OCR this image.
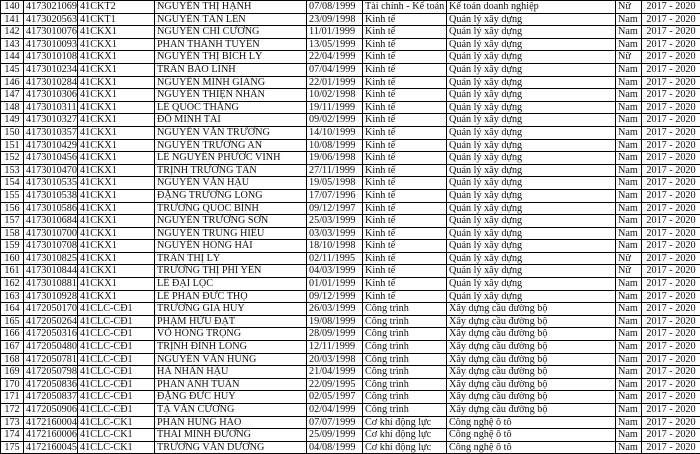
140	4173021069	41CKT2	NGUYỄN THỊ HẠNH	07/08/1999	Tài chính - Kế toán	Kế toán doanh nghiệp	Nữ	2017 - 2020
141	4173020563	41CKT1	NGUYỄN TẤN LÊN	23/09/1998	Kinh tế	Quản lý xây dựng	Nam	2017 - 2020
142	4173010076	41CKX1	NGUYỄN CHÍ CƯỜNG	11/01/1999	Kinh tế	Quản lý xây dựng	Nam	2017 - 2020
143	4173010093	41CKX1	PHAN THÀNH TUYÊN	13/05/1999	Kinh tế	Quản lý xây dựng	Nam	2017 - 2020
144	4173010108	41CKX1	NGUYỄN THỊ BÍCH LÝ	22/04/1999	Kinh tế	Quản lý xây dựng	Nữ	2017 - 2020
145	4173010234	41CKX1	TRẦN BẢO LINH	07/04/1999	Kinh tế	Quản lý xây dựng	Nam	2017 - 2020
146	4173010284	41CKX1	NGUYỄN MINH GIANG	22/01/1999	Kinh tế	Quản lý xây dựng	Nam	2017 - 2020
147	4173010306	41CKX1	NGUYỄN THIỆN NHÂN	10/02/1998	Kinh tế	Quản lý xây dựng	Nam	2017 - 2020
148	4173010311	41CKX1	LÊ QUỐC THẮNG	19/11/1999	Kinh tế	Quản lý xây dựng	Nam	2017 - 2020
149	4173010327	41CKX1	ĐỖ MINH TÀI	09/02/1999	Kinh tế	Quản lý xây dựng	Nam	2017 - 2020
150	4173010357	41CKX1	NGUYỄN VĂN TRƯỜNG	14/10/1999	Kinh tế	Quản lý xây dựng	Nam	2017 - 2020
151	4173010429	41CKX1	NGUYỄN TRƯỜNG AN	10/08/1999	Kinh tế	Quản lý xây dựng	Nam	2017 - 2020
152	4173010456	41CKX1	LÊ NGUYỄN PHƯỚC VINH	19/06/1998	Kinh tế	Quản lý xây dựng	Nam	2017 - 2020
153	4173010470	41CKX1	TRỊNH TRƯỜNG TÂN	27/11/1999	Kinh tế	Quản lý xây dựng	Nam	2017 - 2020
154	4173010535	41CKX1	NGUYỄN VĂN HẬU	19/05/1998	Kinh tế	Quản lý xây dựng	Nam	2017 - 2020
155	4173010538	41CKX1	ĐẶNG TRƯỜNG LONG	17/07/1996	Kinh tế	Quản lý xây dựng	Nam	2017 - 2020
156	4173010586	41CKX1	TRƯƠNG QUỐC BÌNH	09/12/1997	Kinh tế	Quản lý xây dựng	Nam	2017 - 2020
157	4173010684	41CKX1	NGUYỄN TRƯỜNG SƠN	25/03/1999	Kinh tế	Quản lý xây dựng	Nam	2017 - 2020
158	4173010700	41CKX1	NGUYỄN TRUNG HIẾU	03/03/1999	Kinh tế	Quản lý xây dựng	Nam	2017 - 2020
159	4173010708	41CKX1	NGUYỄN HỒNG HẢI	18/10/1998	Kinh tế	Quản lý xây dựng	Nam	2017 - 2020
160	4173010825	41CKX1	TRẦN THỊ LÝ	02/11/1995	Kinh tế	Quản lý xây dựng	Nữ	2017 - 2020
161	4173010844	41CKX1	TRƯƠNG THỊ PHI YẾN	04/03/1999	Kinh tế	Quản lý xây dựng	Nữ	2017 - 2020
162	4173010881	41CKX1	LÊ ĐẠI LỘC	01/01/1999	Kinh tế	Quản lý xây dựng	Nam	2017 - 2020
163	4173010928	41CKX1	LÊ PHAN ĐỨC THỌ	09/12/1999	Kinh tế	Quản lý xây dựng	Nam	2017 - 2020
164	4172050170	41CLC-CĐ1	TRƯƠNG GIA HUY	26/03/1999	Công trình	Xây dựng cầu đường bộ	Nam	2017 - 2020
165	4172050264	41CLC-CĐ1	PHẠM HỮU ĐẠT	19/08/1999	Công trình	Xây dựng cầu đường bộ	Nam	2017 - 2020
166	4172050316	41CLC-CĐ1	VÕ HỒNG TRỌNG	28/09/1999	Công trình	Xây dựng cầu đường bộ	Nam	2017 - 2020
167	4172050480	41CLC-CĐ1	TRỊNH ĐÌNH LONG	12/11/1999	Công trình	Xây dựng cầu đường bộ	Nam	2017 - 2020
168	4172050781	41CLC-CĐ1	NGUYỄN VĂN HÙNG	20/03/1998	Công trình	Xây dựng cầu đường bộ	Nam	2017 - 2020
169	4172050798	41CLC-CĐ1	HÀ NHÂN HẬU	21/04/1999	Công trình	Xây dựng cầu đường bộ	Nam	2017 - 2020
170	4172050836	41CLC-CĐ1	PHAN ANH TUẤN	22/09/1995	Công trình	Xây dựng cầu đường bộ	Nam	2017 - 2020
171	4172050837	41CLC-CĐ1	ĐẶNG ĐỨC HUY	02/05/1997	Công trình	Xây dựng cầu đường bộ	Nam	2017 - 2020
172	4172050906	41CLC-CĐ1	TẠ VĂN CƯỜNG	02/04/1999	Công trình	Xây dựng cầu đường bộ	Nam	2017 - 2020
173	4172160004	41CLC-CK1	PHAN HÙNG HẢO	07/07/1999	Cơ khí động lực	Công nghệ ô tô	Nam	2017 - 2020
174	4172160006	41CLC-CK1	THÁI MINH ĐƯỜNG	25/09/1999	Cơ khí động lực	Công nghệ ô tô	Nam	2017 - 2020
175	4172160045	41CLC-CK1	TRƯƠNG VĂN DƯƠNG	04/08/1999	Cơ khí động lực	Công nghệ ô tô	Nam	2017 - 2020
